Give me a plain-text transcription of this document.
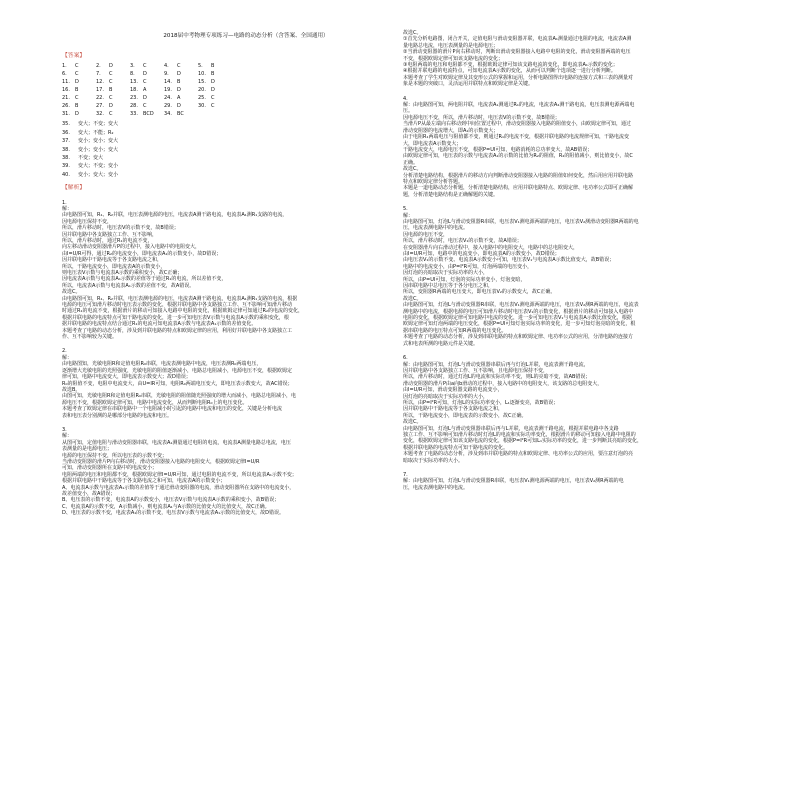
2018届中考物理专项练习—电路的动态分析（含答案、全国通用）
【答案】
1. C	2. D	3. C	4. C	5. B
6. C	7. C	8. D	9. D	10. B
11. D	12. C	13. C	14. B	15. D
16. B	17. B	18. A	19. D	20. D
21. C	22. C	23. D	24. A	25. C
26. B	27. D	28. C	29. D	30. C
31. D	32. C	33. BCD	34. BC
35. 变大；不变；变大
36. 变大；不能；R₂
37. 变小；变小；变大
38. 变小；变小；变大
38. 不变；变大
39. 变大；不变；变小
40. 变小；变大；变小
【解析】
1.
解：
由电路图可知，R₁、R₂并联，电压表测电源的电压，电流表A测干路电流，电流表A₁测R₁支路的电流，
因电源电压保持不变，
所以，滑片移动时，电压表V的示数不变，故B错误；
因并联电路中各支路独立工作、互不影响，
所以，滑片移动时，通过R₁的电流不变，
向左移动滑动变阻器滑片P的过程中，接入电路中的电阻变大，
由I=U/R可得，通过R₂的电流变小，即电流表A₁的示数变小，故D错误；
因并联电路中干路电流等于各支路电流之和，
所以，干路电流变小，即电流表A的示数变小，
则电压表V示数与电流表A示数的乘积变小，故C正确；
因电流表A示数与电流表A₁示数的差值等于通过R₁的电流，所以差值不变，
所以，电流表A示数与电流表A₁示数的差值不变，故A错误。
故选C。
由电路图可知，R₁、R₂并联，电压表测电源的电压，电流表A测干路电流，电流表A₁测R₁支路的电流，根据
电源的电压可知滑片移动时电压表示数的变化，根据并联电路中各支路独立工作、互不影响可知滑片移动
时通过R₁的电流不变，根据滑片的移动可知接入电路中电阻的变化，根据欧姆定律可知通过R₂的电流的变化，
根据并联电路的电流特点可知干路电流的变化，进一步可知电压表V示数与电流表A示数的乘积变化，根
据并联电路的电流特点结合通过R₁的电流可知电流表A示数与电流表A₁示数的差值变化。
本题考查了电路的动态分析，涉及到并联电路的特点和欧姆定律的应用，利用好并联电路中各支路独立工
作、互不影响较为关键。
2.
解：
由电路图知，光敏电阻R和定值电阻R₀串联，电流表测电路中电流，电压表测R₀两端电压，
逐渐增大光敏电阻的光照强度，光敏电阻的阻值逐渐减小，电路总电阻减小，电源电压不变，根据欧姆定
律可知，电路中电流变大，即电流表示数变大；故D错误；
R₀的阻值不变，电阻中电流变大，由U=IR可知，电阻R₀两端电压变大，即电压表示数变大，故AC错误；
故选B。
由图可知，光敏电阻R和定值电阻R₀串联，光敏电阻的阻值随光照强度的增大而减小，电路总电阻减小，电
源电压不变，根据欧姆定律可知，电路中电流变化，从而判断电阻R₀上的电压变化。
本题考查了欧姆定律在串联电路中一个电阻减小时引起的电路中电流和电压的变化，关键是分析电流
表和电压表分别测的是哪部分电路的电流和电压。
3.
解：
从图可知，定值电阻与滑动变阻器串联，电流表A₁测量通过电阻的电流，电流表A测量电路总电流，电压
表测量的是电源电压；
电源的电压保持不变，所以电压表的示数不变；
当滑动变阻器的滑片P向右移动时，滑动变阻器接入电路的电阻变大，根据欧姆定律I=U/R
可知，滑动变阻器所在支路中的电流变小；
电阻两端的电压和电阻都不变，根据欧姆定律I=U/R可知，通过电阻的电流不变，所以电流表A₁示数不变；
根据并联电路中干路电流等于各支路电流之和可知，电流表A的示数变小；
A、电流表A示数与电流表A₁示数的差值等于通过滑动变阻器的电流，滑动变阻器所在支路中的电流变小，
故差值变小，故A错误；
B、电压表的示数不变，电流表A的示数变小，电压表V示数与电流表A示数的乘积变小，故B错误；
C、电流表A的示数不变，A示数减小，则电流表A₁与A示数的比值变大的比值变大，故C正确。
D、电压表的示数不变，电流表A₁的示数不变，电压表V示数与电流表A₁示数的比值变大，故D错误。
故选C。
①首先分析电路图，闭合开关，定值电阻与滑动变阻器并联，电流表A₁测量通过电阻的电流，电流表A测
量电路总电流，电压表测量的是电源电压；
②当滑动变阻器的滑片P向右移动时，判断出滑动变阻器接入电路中电阻的变化，滑动变阻器两端的电压
不变，根据欧姆定律可知该支路电流的变化；
③电阻两端的电压和电阻都不变，根据欧姆定律可知该支路电流的变化，即电流表A₁示数的变化；
④根据并联电路的电流特点，可知电流表A示数的变化，从而可以判断个选项逐一进行分析判断。
本题考查了学生对欧姆定律及其变形公式的掌握和运用，分析电路图得出电路的连接方式和三表的测量对
象是本题的突破口，灵活运用并联特点和欧姆定律是关键。
4.
解：由电路图可知，两电阻并联，电流表A₁测通过R₁的电流，电流表A₂测干路电流，电压表测电源两端电
压。
因电源电压不变，所以，滑片移动时，电压表V的示数不变，故B错误；
当滑片P从最左端向右移动到中间位置过程中，滑动变阻器接入电路的阻值变小，由欧姆定律可知，通过
滑动变阻器的电流增大，即A₁的示数变大；
由于电阻R₁两端电压与阻值都不变，则通过R₁的电流不变，根据并联电路的电流规律可知，干路电流变
大，即电流表A示数变大；
干路电流变大，电源电压不变，根据P=UI可知，电路消耗的总功率变大，故AB错误；
由欧姆定律可知，电压表的示数与电流表A₁的示数的比值为R₂的阻值，R₂的阻值减小，则比值变小，故C
正确。
故选C。
分析清楚电路结构，根据滑片的移动方向判断滑动变阻器接入电路的阻值如何变化，然后用应用并联电路
特点和欧姆定律分析答题。
本题是一道电路动态分析题，分析清楚电路结构，应用并联电路特点、欧姆定律、电功率公式即可正确解
题，分析清楚电路结构是正确解题的关键。
5.
解：
由电路图可知，灯泡L与滑动变阻器R串联，电压表V₁测电源两端的电压，电压表V₂测滑动变阻器R两端的电
压，电流表测电路中的电流。
因电源的电压不变，
所以，滑片移动时，电压表V₁的示数不变，故A错误；
在变阻器滑片向右滑动过程中，接入电路中的电阻变大，电路中的总电阻变大，
由I=U/R可知，电路中的电流变小，即电流表A的示数变小，故D错误；
由电压表V₁的示数不变、电流表A示数变小可知，电压表V₁与电流表A示数比值变大，故B错误；
电路中的电流变小，由P=I²R可知，灯泡两端的电压变小，
因灯泡的亮暗取决于实际功率的大小，
所以，由P=UI可知，灯泡的实际功率变小，灯泡变暗，
因串联电路中总电压等于各分电压之和，
所以，变阻器R两端的电压变大，即电压表V₂的示数变大，故C正确。
故选C。
由电路图可知，灯泡L与滑动变阻器R串联，电压表V₁测电源两端的电压，电压表V₂测R两端的电压，电流表
测电路中的电流，根据电源的电压可知滑片移动时电压表V₁的示数变化，根据滑片的移动可知接入电路中
电阻的变化，根据欧姆定律可知电路中电流的变化，进一步可知电压表V₁与电流表A示数比值变化，根据
欧姆定律可知灯泡两端的电压变化，根据P=UI可知灯泡实际功率的变化，进一步可知灯泡亮暗的变化，根
据串联电路的电压特点可知R两端的电压变化。
本题考查了电路的动态分析，涉及到串联电路的特点和欧姆定律、电功率公式的应用，分清电路的连接方
式和电表所测的电路元件是关键。
6.
解：由电路图可知，灯泡L与滑动变阻器串联后再与灯泡L并联，电流表测干路电流，
因并联电路中各支路独立工作、互不影响，且电源电压保持不变，
所以，滑片移动时，通过灯泡L的电流和实际功率不变，则L的亮暗不变，故AB错误；
滑动变阻器的滑片P由a向b滑动的过程中，接入电路中的电阻变大，该支路的总电阻变大，
由I=U/R可知，滑动变阻器支路的电流变小，
因灯泡的亮暗取决于实际功率的大小，
所以，由P=I²R可知，灯泡L的实际功率变小，L₁逐渐变亮，故B错误；
因并联电路中干路电流等于各支路电流之和，
所以，干路电流变小，即电流表的示数变小，故C正确。
故选C。
由电路图可知，灯泡L与滑动变阻器串联后再与L并联，电流表测干路电流，根据并联电路中各支路
独立工作、互不影响可知滑片移动时灯泡L的电流和实际功率变化，根据滑片的移动可知接入电路中电阻的
变化，根据欧姆定律可知该支路电流的变化，根据P=I²R可知L₁实际功率的变化，进一步判断其亮暗的变化，
根据并联电路的电流特点可知干路电流的变化。
本题考查了电路的动态分析，涉及到串并联电路的特点和欧姆定律、电功率公式的应用，要注意灯泡的亮
暗取决于实际功率的大小。
7.
解：由电路图可知，灯泡L与滑动变阻器R串联，电压表V₁测电源两端的电压，电压表V₂测R两端的电
压，电流表测电路中的电流。
